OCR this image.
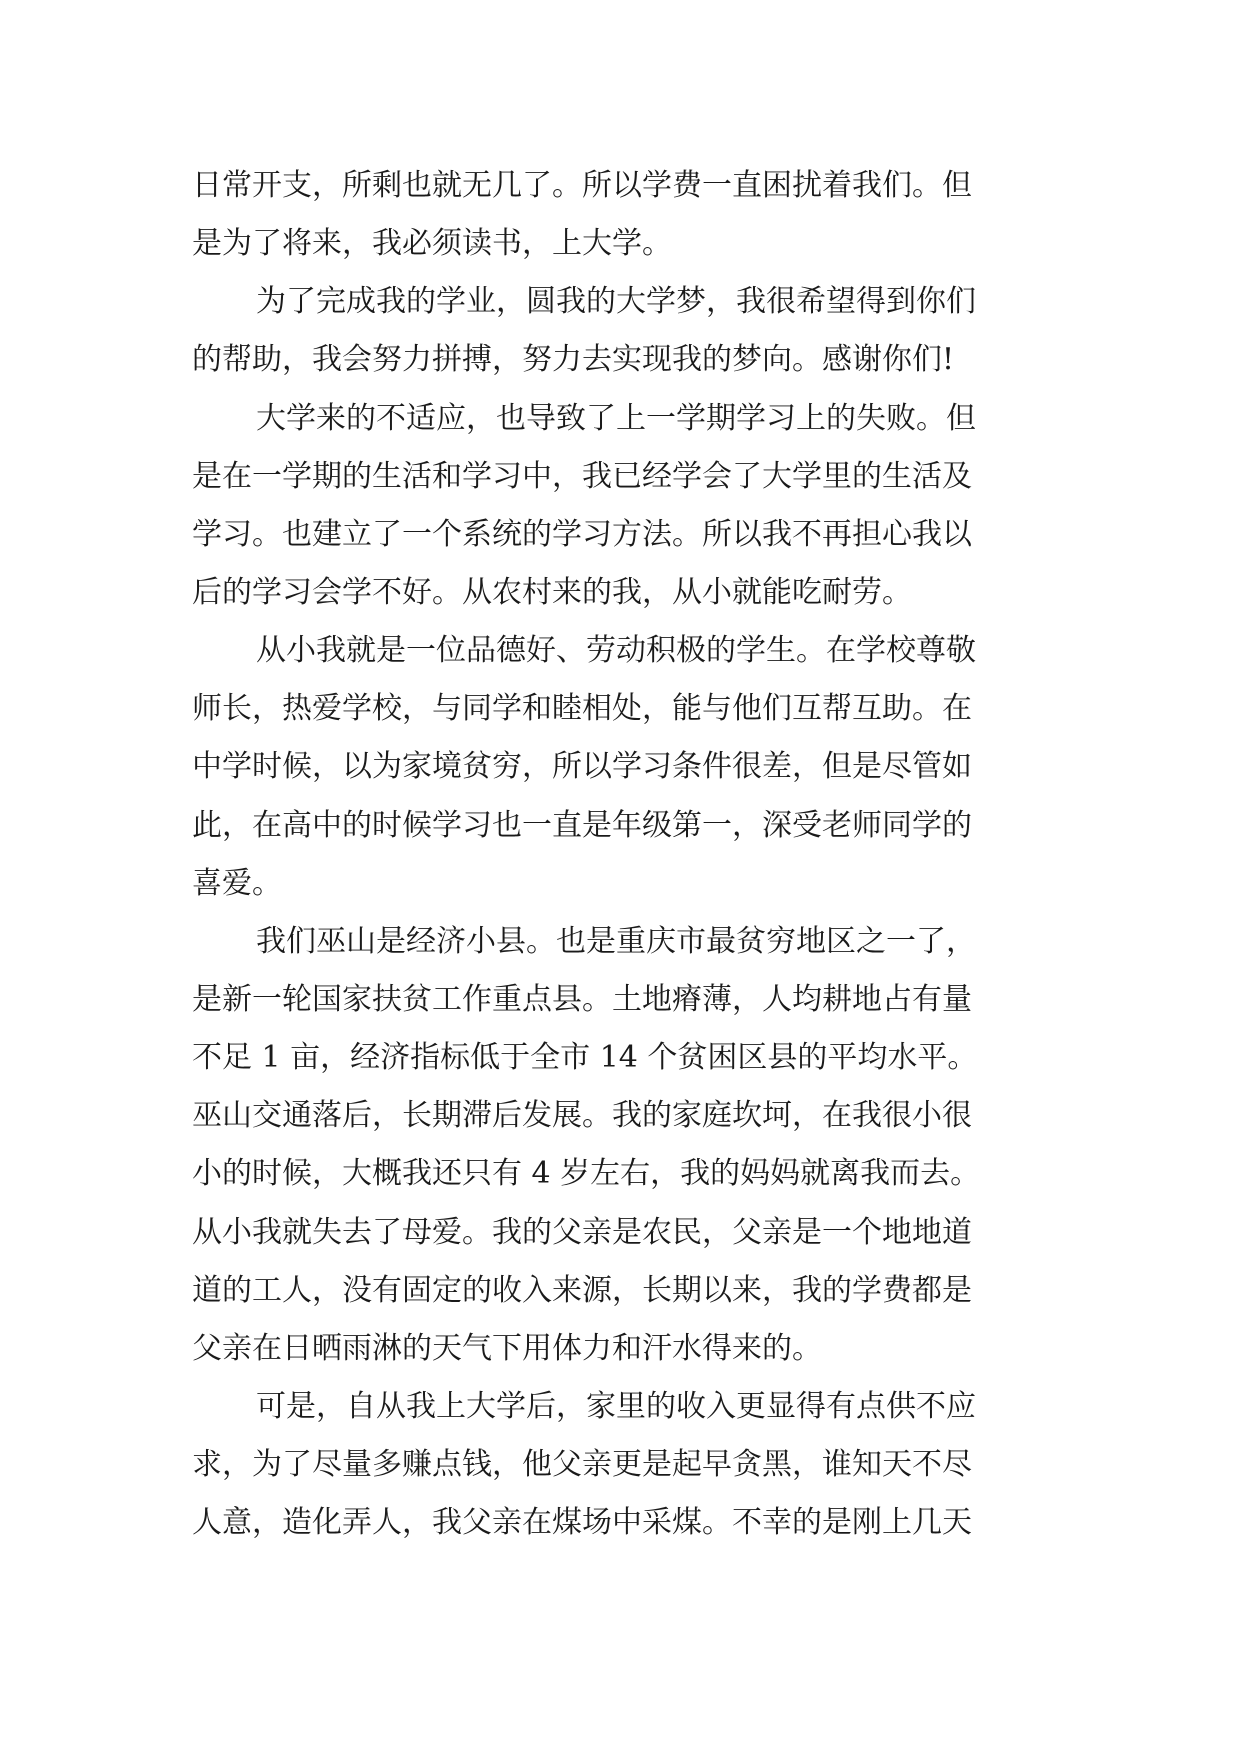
日常开支，所剩也就无几了。所以学费一直困扰着我们。但

是为了将来，我必须读书，上大学。

为了完成我的学业，圆我的大学梦，我很希望得到你们

的帮助，我会努力拼搏，努力去实现我的梦向。感谢你们!

大学来的不适应，也导致了上一学期学习上的失败。但

是在一学期的生活和学习中，我已经学会了大学里的生活及

学习。也建立了一个系统的学习方法。所以我不再担心我以

后的学习会学不好。从农村来的我，从小就能吃耐劳。

从小我就是一位品德好、劳动积极的学生。在学校尊敬

师长，热爱学校，与同学和睦相处，能与他们互帮互助。在

中学时候，以为家境贫穷，所以学习条件很差，但是尽管如

此，在高中的时候学习也一直是年级第一，深受老师同学的

喜爱。

我们巫山是经济小县。也是重庆市最贫穷地区之一了，

是新一轮国家扶贫工作重点县。土地瘠薄，人均耕地占有量

不足 1 亩，经济指标低于全市 14 个贫困区县的平均水平。

巫山交通落后，长期滞后发展。我的家庭坎坷，在我很小很

小的时候，大概我还只有 4 岁左右，我的妈妈就离我而去。

从小我就失去了母爱。我的父亲是农民，父亲是一个地地道

道的工人，没有固定的收入来源，长期以来，我的学费都是

父亲在日晒雨淋的天气下用体力和汗水得来的。

可是，自从我上大学后，家里的收入更显得有点供不应

求，为了尽量多赚点钱，他父亲更是起早贪黑，谁知天不尽

人意，造化弄人，我父亲在煤场中采煤。不幸的是刚上几天
